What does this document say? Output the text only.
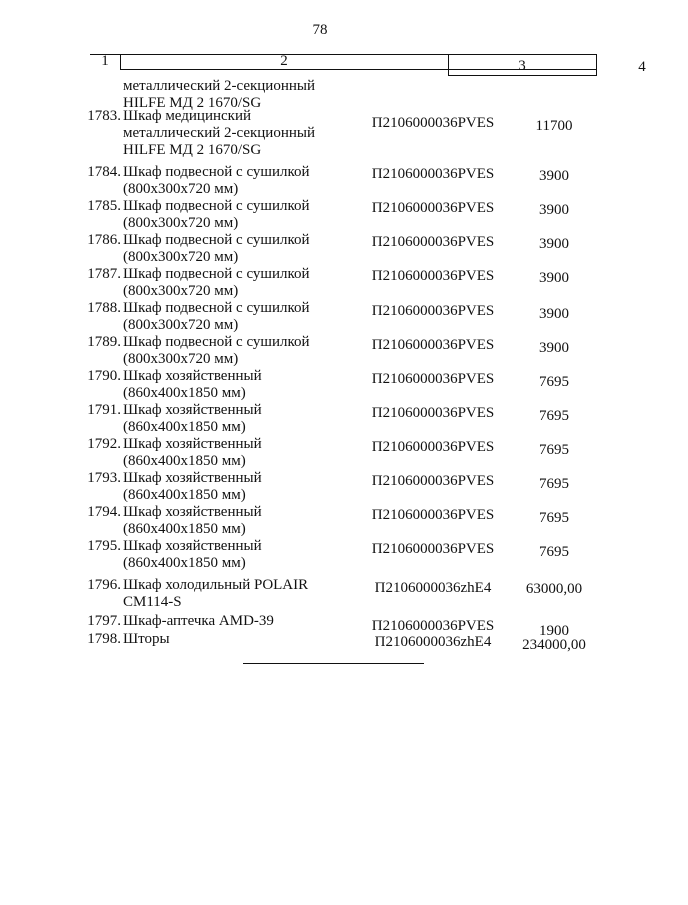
78
1	2	3	4
металлический 2-секционный
HILFE МД 2 1670/SG
1783. Шкаф медицинский
металлический 2-секционный
HILFE МД 2 1670/SG
П2106000036PVES	11700
1784. Шкаф подвесной с сушилкой
(800х300х720 мм)
П2106000036PVES	3900
1785. Шкаф подвесной с сушилкой
(800х300х720 мм)
П2106000036PVES	3900
1786. Шкаф подвесной с сушилкой
(800х300х720 мм)
П2106000036PVES	3900
1787. Шкаф подвесной с сушилкой
(800х300х720 мм)
П2106000036PVES	3900
1788. Шкаф подвесной с сушилкой
(800х300х720 мм)
П2106000036PVES	3900
1789. Шкаф подвесной с сушилкой
(800х300х720 мм)
П2106000036PVES	3900
1790. Шкаф хозяйственный
(860х400х1850 мм)
П2106000036PVES	7695
1791. Шкаф хозяйственный
(860х400х1850 мм)
П2106000036PVES	7695
1792. Шкаф хозяйственный
(860х400х1850 мм)
П2106000036PVES	7695
1793. Шкаф хозяйственный
(860х400х1850 мм)
П2106000036PVES	7695
1794. Шкаф хозяйственный
(860х400х1850 мм)
П2106000036PVES	7695
1795. Шкаф хозяйственный
(860х400х1850 мм)
П2106000036PVES	7695
1796. Шкаф холодильный POLAIR
CM114-S
П2106000036zhE4	63000,00
1797. Шкаф-аптечка AMD-39	П2106000036PVES	1900
1798. Шторы	П2106000036zhE4	234000,00
